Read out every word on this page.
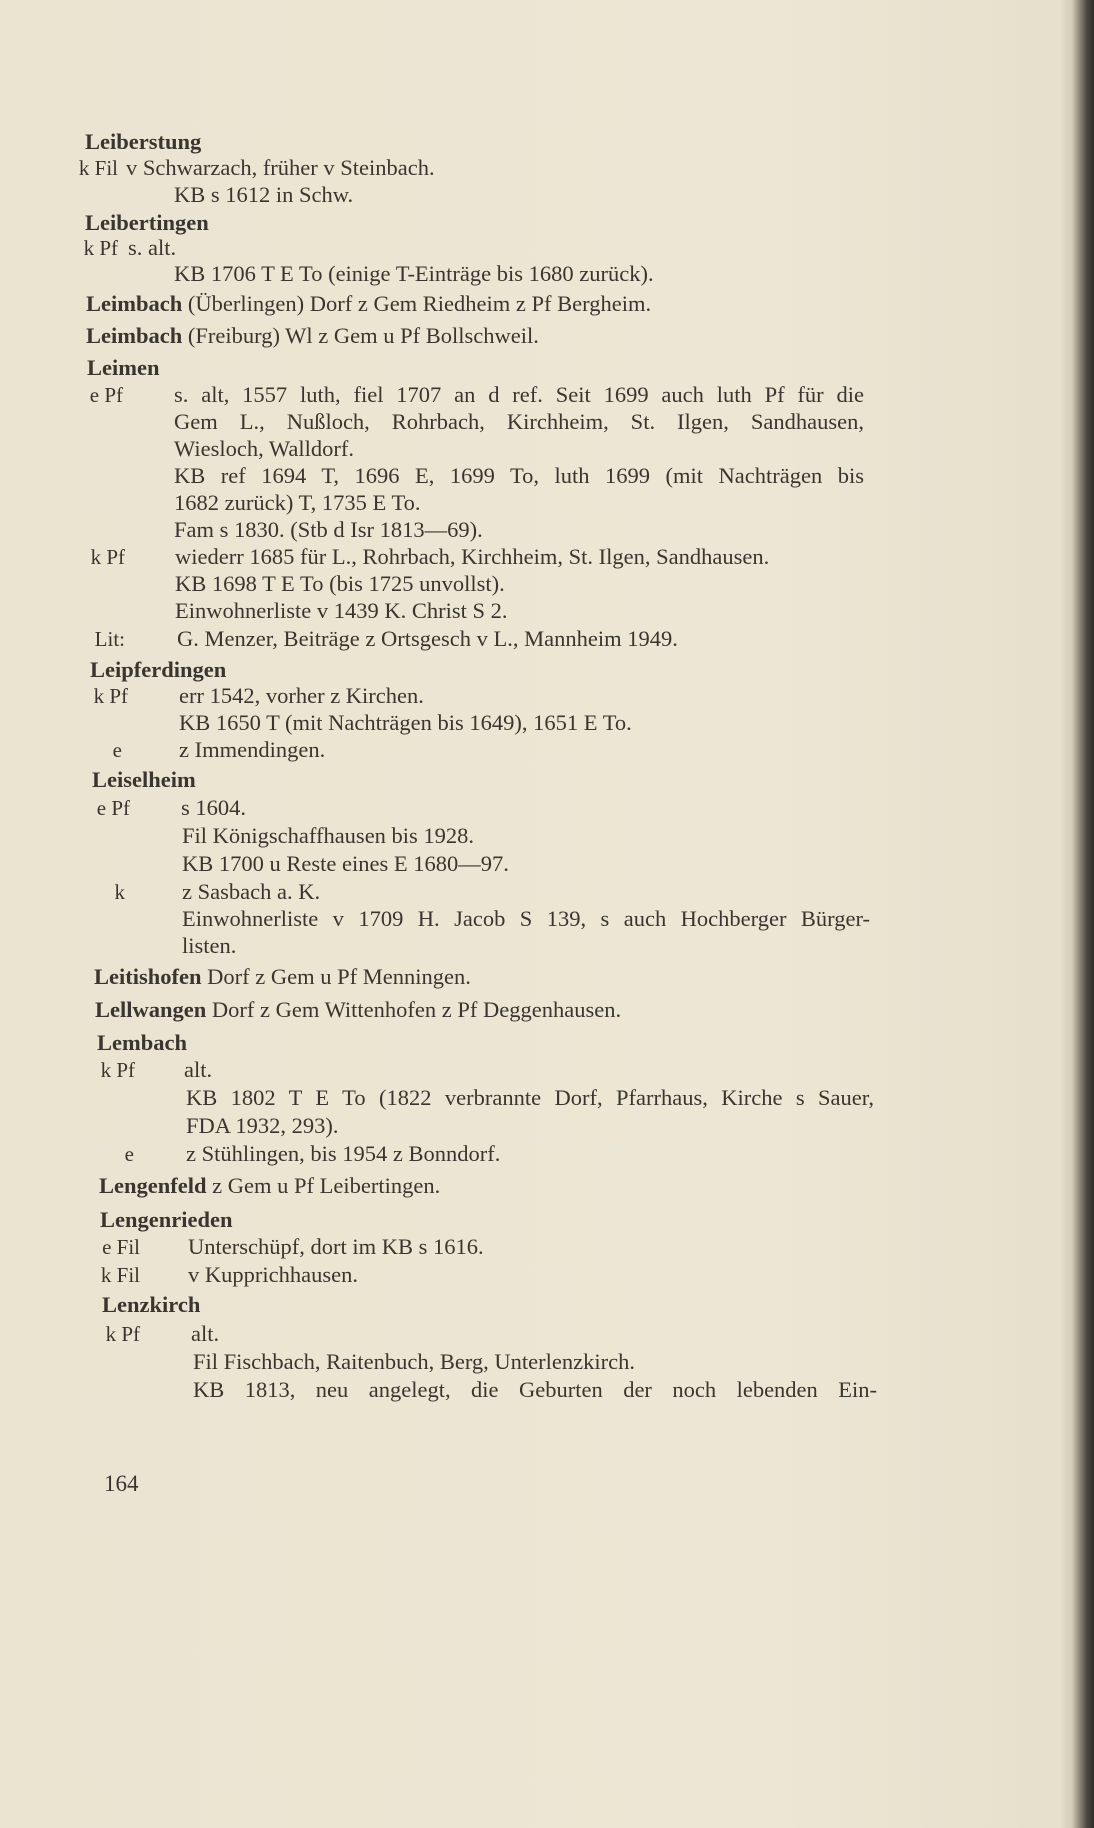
Leiberstung
k Fil v Schwarzach, früher v Steinbach.
KB s 1612 in Schw.
Leibertingen
k Pf s. alt.
KB 1706 T E To (einige T-Einträge bis 1680 zurück).
Leimbach (Überlingen) Dorf z Gem Riedheim z Pf Bergheim.
Leimbach (Freiburg) Wl z Gem u Pf Bollschweil.
Leimen
e Pf s. alt, 1557 luth, fiel 1707 an d ref. Seit 1699 auch luth Pf für die
Gem L., Nußloch, Rohrbach, Kirchheim, St. Ilgen, Sandhausen,
Wiesloch, Walldorf.
KB ref 1694 T, 1696 E, 1699 To, luth 1699 (mit Nachträgen bis
1682 zurück) T, 1735 E To.
Fam s 1830. (Stb d Isr 1813—69).
k Pf wiederr 1685 für L., Rohrbach, Kirchheim, St. Ilgen, Sandhausen.
KB 1698 T E To (bis 1725 unvollst).
Einwohnerliste v 1439 K. Christ S 2.
Lit: G. Menzer, Beiträge z Ortsgesch v L., Mannheim 1949.
Leipferdingen
k Pf err 1542, vorher z Kirchen.
KB 1650 T (mit Nachträgen bis 1649), 1651 E To.
e	z Immendingen.
Leiselheim
e Pf s 1604.
Fil Königschaffhausen bis 1928.
KB 1700 u Reste eines E 1680—97.
k	z Sasbach a. K.
Einwohnerliste v 1709 H. Jacob S 139, s auch Hochberger Bürger-
listen.
Leitishofen Dorf z Gem u Pf Menningen.
Lellwangen Dorf z Gem Wittenhofen z Pf Deggenhausen.
Lembach
k Pf alt.
KB 1802 T E To (1822 verbrannte Dorf, Pfarrhaus, Kirche s Sauer,
FDA 1932, 293).
e z Stühlingen, bis 1954 z Bonndorf.
Lengenfeld z Gem u Pf Leibertingen.
Lengenrieden
e Fil Unterschüpf, dort im KB s 1616.
k Fil v Kupprichhausen.
Lenzkirch
k Pf alt.
Fil Fischbach, Raitenbuch, Berg, Unterlenzkirch.
KB 1813, neu angelegt, die Geburten der noch lebenden Ein-
164
